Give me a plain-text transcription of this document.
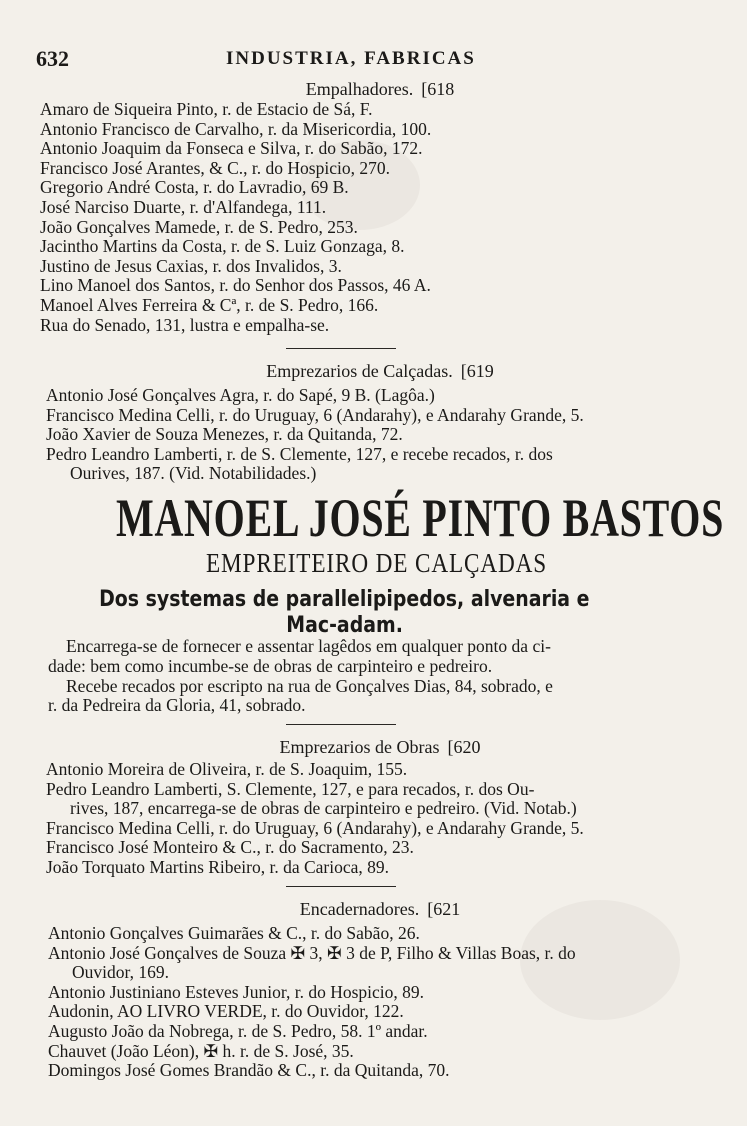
632	INDUSTRIA, FABRICAS
Empalhadores. [618
Amaro de Siqueira Pinto, r. de Estacio de Sá, F.
Antonio Francisco de Carvalho, r. da Misericordia, 100.
Antonio Joaquim da Fonseca e Silva, r. do Sabão, 172.
Francisco José Arantes, & C., r. do Hospicio, 270.
Gregorio André Costa, r. do Lavradio, 69 B.
José Narciso Duarte, r. d'Alfandega, 111.
João Gonçalves Mamede, r. de S. Pedro, 253.
Jacintho Martins da Costa, r. de S. Luiz Gonzaga, 8.
Justino de Jesus Caxias, r. dos Invalidos, 3.
Lino Manoel dos Santos, r. do Senhor dos Passos, 46 A.
Manoel Alves Ferreira & Cª, r. de S. Pedro, 166.
Rua do Senado, 131, lustra e empalha-se.
Emprezarios de Calçadas. [619
Antonio José Gonçalves Agra, r. do Sapé, 9 B. (Lagôa.)
Francisco Medina Celli, r. do Uruguay, 6 (Andarahy), e Andarahy Grande, 5.
João Xavier de Souza Menezes, r. da Quitanda, 72.
Pedro Leandro Lamberti, r. de S. Clemente, 127, e recebe recados, r. dos
Ourives, 187. (Vid. Notabilidades.)
MANOEL JOSÉ PINTO BASTOS
EMPREITEIRO DE CALÇADAS
Dos systemas de parallelipipedos, alvenaria e
Mac-adam.
Encarrega-se de fornecer e assentar lagêdos em qualquer ponto da ci-
dade: bem como incumbe-se de obras de carpinteiro e pedreiro.
Recebe recados por escripto na rua de Gonçalves Dias, 84, sobrado, e
r. da Pedreira da Gloria, 41, sobrado.
Emprezarios de Obras [620
Antonio Moreira de Oliveira, r. de S. Joaquim, 155.
Pedro Leandro Lamberti, S. Clemente, 127, e para recados, r. dos Ou-
rives, 187, encarrega-se de obras de carpinteiro e pedreiro. (Vid. Notab.)
Francisco Medina Celli, r. do Uruguay, 6 (Andarahy), e Andarahy Grande, 5.
Francisco José Monteiro & C., r. do Sacramento, 23.
João Torquato Martins Ribeiro, r. da Carioca, 89.
Encadernadores. [621
Antonio Gonçalves Guimarães & C., r. do Sabão, 26.
Antonio José Gonçalves de Souza ✠ 3, ✠ 3 de P, Filho & Villas Boas, r. do
Ouvidor, 169.
Antonio Justiniano Esteves Junior, r. do Hospicio, 89.
Audonin, AO LIVRO VERDE, r. do Ouvidor, 122.
Augusto João da Nobrega, r. de S. Pedro, 58. 1º andar.
Chauvet (João Léon), ✠ h. r. de S. José, 35.
Domingos José Gomes Brandão & C., r. da Quitanda, 70.
